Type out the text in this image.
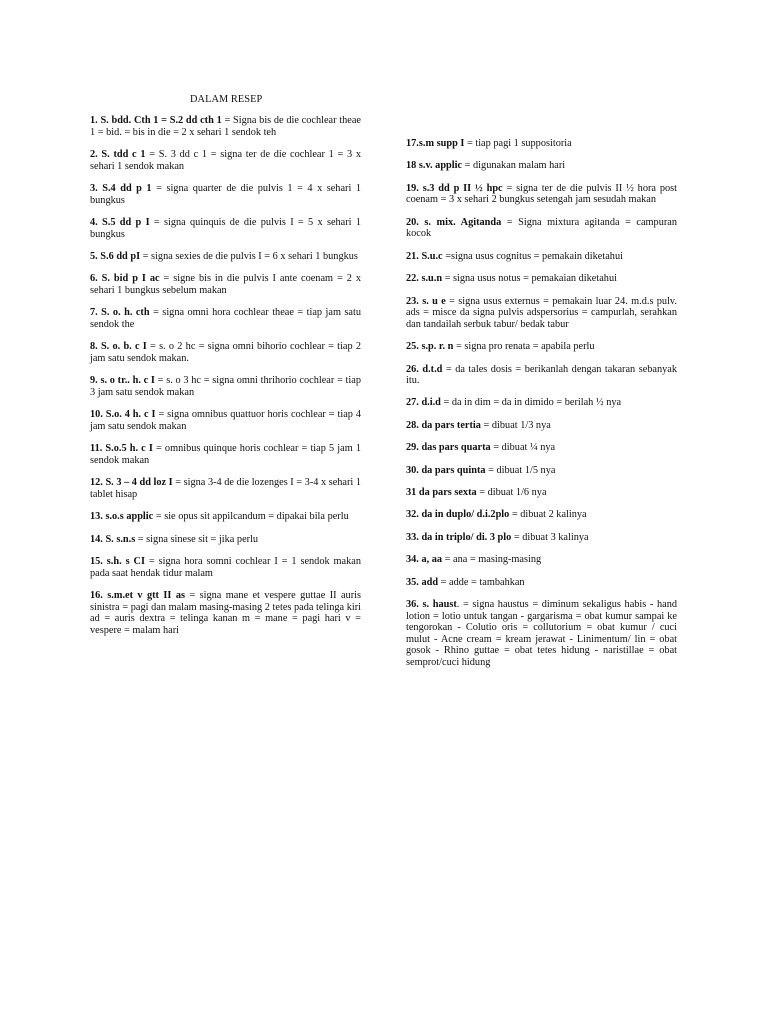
DALAM RESEP

1. S. bdd. Cth 1 = S.2 dd cth 1 = Signa bis de die cochlear theae 1 = bid. = bis in die = 2 x sehari 1 sendok teh

2. S. tdd c 1 = S. 3 dd c 1 = signa ter de die cochlear 1 = 3 x sehari 1 sendok makan

3. S.4 dd p 1 = signa quarter de die pulvis 1 = 4 x sehari 1 bungkus

4. S.5 dd p I = signa quinquis de die pulvis I = 5 x sehari 1 bungkus

5. S.6 dd pI = signa sexies de die pulvis I = 6 x sehari 1 bungkus

6. S. bid p I ac = signe bis in die pulvis I ante coenam = 2 x sehari 1 bungkus sebelum makan

7. S. o. h. cth = signa omni hora cochlear theae = tiap jam satu sendok the

8. S. o. b. c I = s. o 2 hc = signa omni bihorio cochlear = tiap 2 jam satu sendok makan.

9. s. o tr.. h. c I = s. o 3 hc = signa omni thrihorio cochlear = tiap 3 jam satu sendok makan

10. S.o. 4 h. c I = signa omnibus quattuor horis cochlear = tiap 4 jam satu sendok makan

11. S.o.5 h. c I = omnibus quinque horis cochlear = tiap 5 jam 1 sendok makan

12. S. 3 – 4 dd loz I = signa 3-4 de die lozenges I = 3-4 x sehari 1 tablet hisap

13. s.o.s applic = sie opus sit appilcandum = dipakai bila perlu

14. S. s.n.s = signa sinese sit = jika perlu

15. s.h. s CI = signa hora somni cochlear I = 1 sendok makan pada saat hendak tidur malam

16. s.m.et v gtt II as = signa mane et vespere guttae II auris sinistra = pagi dan malam masing-masing 2 tetes pada telinga kiri ad = auris dextra = telinga kanan m = mane = pagi hari v = vespere = malam hari

17.s.m supp I = tiap pagi 1 suppositoria

18 s.v. applic = digunakan malam hari

19. s.3 dd p II ½ hpc = signa ter de die pulvis II ½ hora post coenam = 3 x sehari 2 bungkus setengah jam sesudah makan

20. s. mix. Agitanda = Signa mixtura agitanda = campuran kocok

21. S.u.c =signa usus cognitus = pemakain diketahui

22. s.u.n = signa usus notus = pemakaian diketahui

23. s. u e = signa usus externus = pemakain luar 24. m.d.s pulv. ads = misce da signa pulvis adspersorius = campurlah, serahkan dan tandailah serbuk tabur/ bedak tabur

25. s.p. r. n = signa pro renata = apabila perlu

26. d.t.d = da tales dosis = berikanlah dengan takaran sebanyak itu.

27. d.i.d = da in dim = da in dimido = berilah ½ nya

28. da pars tertia = dibuat 1/3 nya

29. das pars quarta = dibuat ¼ nya

30. da pars quinta = dibuat 1/5 nya

31 da pars sexta = dibuat 1/6 nya

32. da in duplo/ d.i.2plo = dibuat 2 kalinya

33. da in triplo/ di. 3 plo = dibuat 3 kalinya

34. a, aa = ana = masing-masing

35. add = adde = tambahkan

36. s. haust. = signa haustus = diminum sekaligus habis - hand lotion = lotio untuk tangan - gargarisma = obat kumur sampai ke tengorokan - Colutio oris = collutorium = obat kumur / cuci mulut - Acne cream = kream jerawat - Linimentum/ lin = obat gosok - Rhino guttae = obat tetes hidung - naristillae = obat semprot/cuci hidung
